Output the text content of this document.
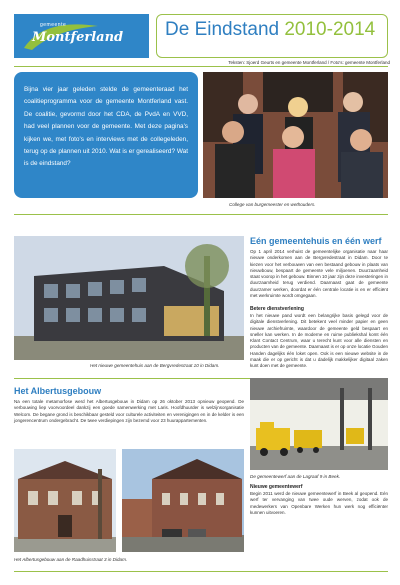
gemeente
Montferland De Eindstand 2010-2014
Teksten: Sjoerd Geurts en gemeente Montferland / Foto's: gemeente Montferland

Bijna vier jaar geleden stelde de gemeenteraad het coalitieprogramma voor de gemeente Montferland vast. De coalitie, gevormd door het CDA, de PvdA en VVD, had veel plannen voor de gemeente. Met deze pagina's kijken we, met foto's en interviews met de collegeleden, terug op de plannen uit 2010. Wat is er gerealiseerd? Wat is de eindstand?

College van burgemeester en wethouders.
Het nieuwe gemeentehuis aan de Bergvredestraat 10 in Didam.
Eén gemeentehuis en één werf

Op 1 april 2014 verhuist de gemeentelijke organisatie naar haar nieuwe onderkomen aan de Bergvredestraat in Didam. Door te kiezen voor het verbouwen van een bestaand gebouw in plaats van nieuwbouw, bespaart de gemeente vele miljoenen. Duurzaamheid staat voorop in het gebouw. Binnen 10 jaar zijn deze investeringen in duurzaamheid terug verdiend. Daarnaast gaat de gemeente duurzamer werken, doordat er één centrale locatie is en er efficiënt met werkruimte wordt omgegaan.

Betere dienstverlening

In het nieuwe pand wordt een belangrijke basis gelegd voor de digitale dienstverlening. Dit betekent veel minder papier en geen nieuwe archiefruimte, waardoor de gemeente geld bespaart en sneller kan werken. In de moderne en ruime publiekshal komt één Klant Contact Centrum, waar u terecht kunt voor alle diensten en producten van de gemeente. Daarnaast is er op onze locatie Gouden Handen dagelijks één loket open. Ook is een nieuwe website in de maak die er op gericht is dat u dadelijk makkelijker digitaal zaken kunt doen met de gemeente.

Het Albertusgebouw

Na een totale metamorfose werd het Albertusgebouw in Didam op 26 oktober 2013 opnieuw geopend. De verbouwing liep voorvoordeel dankzij een goede samenwerking met Laris. Hoofdhuurder is welzijnsorganisatie Welcom. De begane grond is beschikbaar gesteld voor culturele activiteiten en verenigingen en in de kelder is een jongerencentrum ondergebracht. De twee verdiepingen zijn bezemd voor 23 huurappartementen.

Het Albertusgebouw aan de Raadhuisstraat 3 in Didam.
De gemeentewerf aan de Lagraaf 9 in Beek.
Nieuwe gemeentewerf

Begin 2011 werd de nieuwe gemeentewerf in Beek al geopend. Eén werf ter vervanging van twee oude werven, zodat ook de medewerkers van Openbare Werken hun werk nog efficiënter kunnen uitvoeren.
